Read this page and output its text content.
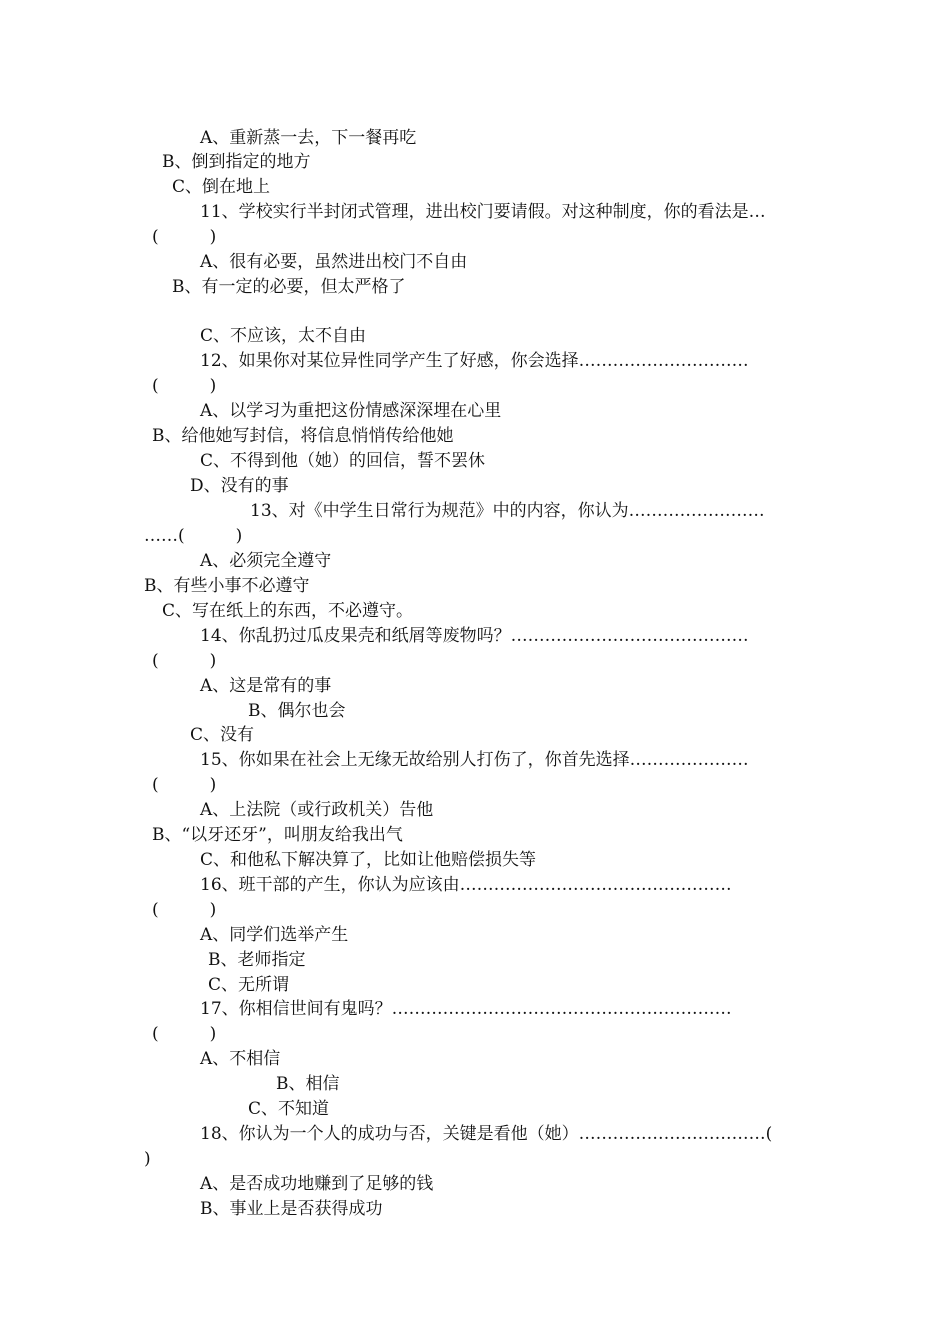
A、重新蒸一去，下一餐再吃
B、倒到指定的地方
C、倒在地上
11、学校实行半封闭式管理，进出校门要请假。对这种制度，你的看法是…
(　　　)
A、很有必要，虽然进出校门不自由
B、有一定的必要，但太严格了
C、不应该，太不自由
12、如果你对某位异性同学产生了好感，你会选择…………………………
(　　　)
A、以学习为重把这份情感深深埋在心里
B、给他她写封信，将信息悄悄传给他她
C、不得到他（她）的回信，誓不罢休
D、没有的事
13、对《中学生日常行为规范》中的内容，你认为……………………
……(　　　)
A、必须完全遵守
B、有些小事不必遵守
C、写在纸上的东西，不必遵守。
14、你乱扔过瓜皮果壳和纸屑等废物吗？……………………………………
(　　　)
A、这是常有的事
B、偶尔也会
C、没有
15、你如果在社会上无缘无故给别人打伤了，你首先选择…………………
(　　　)
A、上法院（或行政机关）告他
B、“以牙还牙”，叫朋友给我出气
C、和他私下解决算了，比如让他赔偿损失等
16、班干部的产生，你认为应该由…………………………………………
(　　　)
A、同学们选举产生
B、老师指定
C、无所谓
17、你相信世间有鬼吗？……………………………………………………
(　　　)
A、不相信
B、相信
C、不知道
18、你认为一个人的成功与否，关键是看他（她）……………………………(
)
A、是否成功地赚到了足够的钱
B、事业上是否获得成功
